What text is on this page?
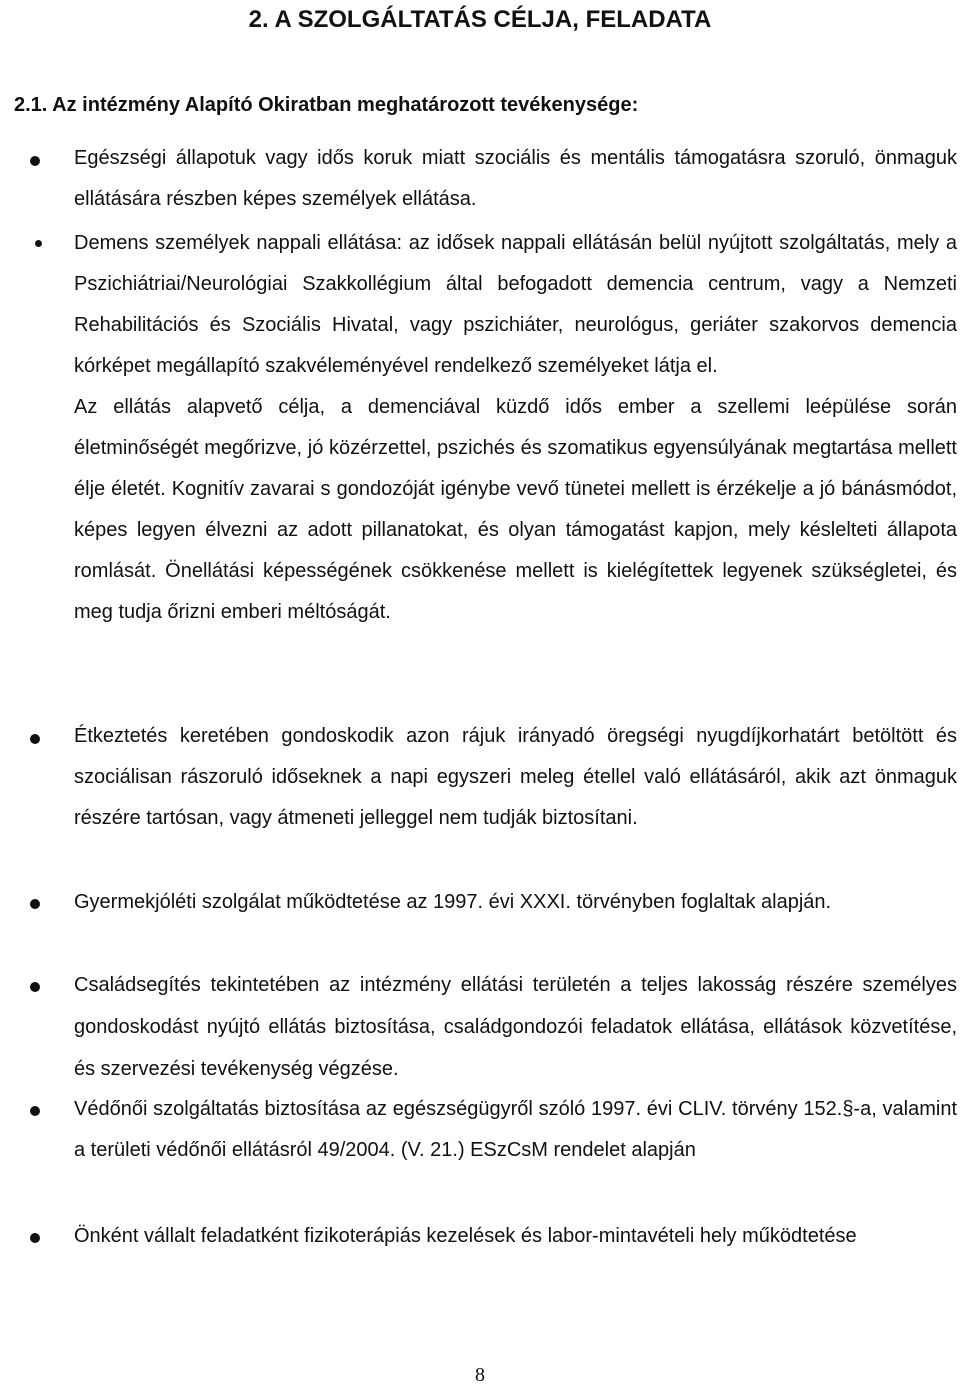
2. A SZOLGÁLTATÁS CÉLJA, FELADATA
2.1. Az intézmény Alapító Okiratban meghatározott tevékenysége:

Egészségi állapotuk vagy idős koruk miatt szociális és mentális támogatásra szoruló, önmaguk ellátására részben képes személyek ellátása.

Demens személyek nappali ellátása: az idősek nappali ellátásán belül nyújtott szolgáltatás, mely a Pszichiátriai/Neurológiai Szakkollégium által befogadott demencia centrum, vagy a Nemzeti Rehabilitációs és Szociális Hivatal, vagy pszichiáter, neurológus, geriáter szakorvos demencia kórképet megállapító szakvéleményével rendelkező személyeket látja el.

Az ellátás alapvető célja, a demenciával küzdő idős ember a szellemi leépülése során életminőségét megőrizve, jó közérzettel, pszichés és szomatikus egyensúlyának megtartása mellett élje életét. Kognitív zavarai s gondozóját igénybe vevő tünetei mellett is érzékelje a jó bánásmódot, képes legyen élvezni az adott pillanatokat, és olyan támogatást kapjon, mely késlelteti állapota romlását. Önellátási képességének csökkenése mellett is kielégítettek legyenek szükségletei, és meg tudja őrizni emberi méltóságát.

Étkeztetés keretében gondoskodik azon rájuk irányadó öregségi nyugdíjkorhatárt betöltött és szociálisan rászoruló időseknek a napi egyszeri meleg étellel való ellátásáról, akik azt önmaguk részére tartósan, vagy átmeneti jelleggel nem tudják biztosítani.

Gyermekjóléti szolgálat működtetése az 1997. évi XXXI. törvényben foglaltak alapján.

Családsegítés tekintetében az intézmény ellátási területén a teljes lakosság részére személyes gondoskodást nyújtó ellátás biztosítása, családgondozói feladatok ellátása, ellátások közvetítése, és szervezési tevékenység végzése.

Védőnői szolgáltatás biztosítása az egészségügyről szóló 1997. évi CLIV. törvény 152.§-a, valamint a területi védőnői ellátásról 49/2004. (V. 21.) ESzCsM rendelet alapján

Önként vállalt feladatként fizikoterápiás kezelések és labor-mintavételi hely működtetése

8
